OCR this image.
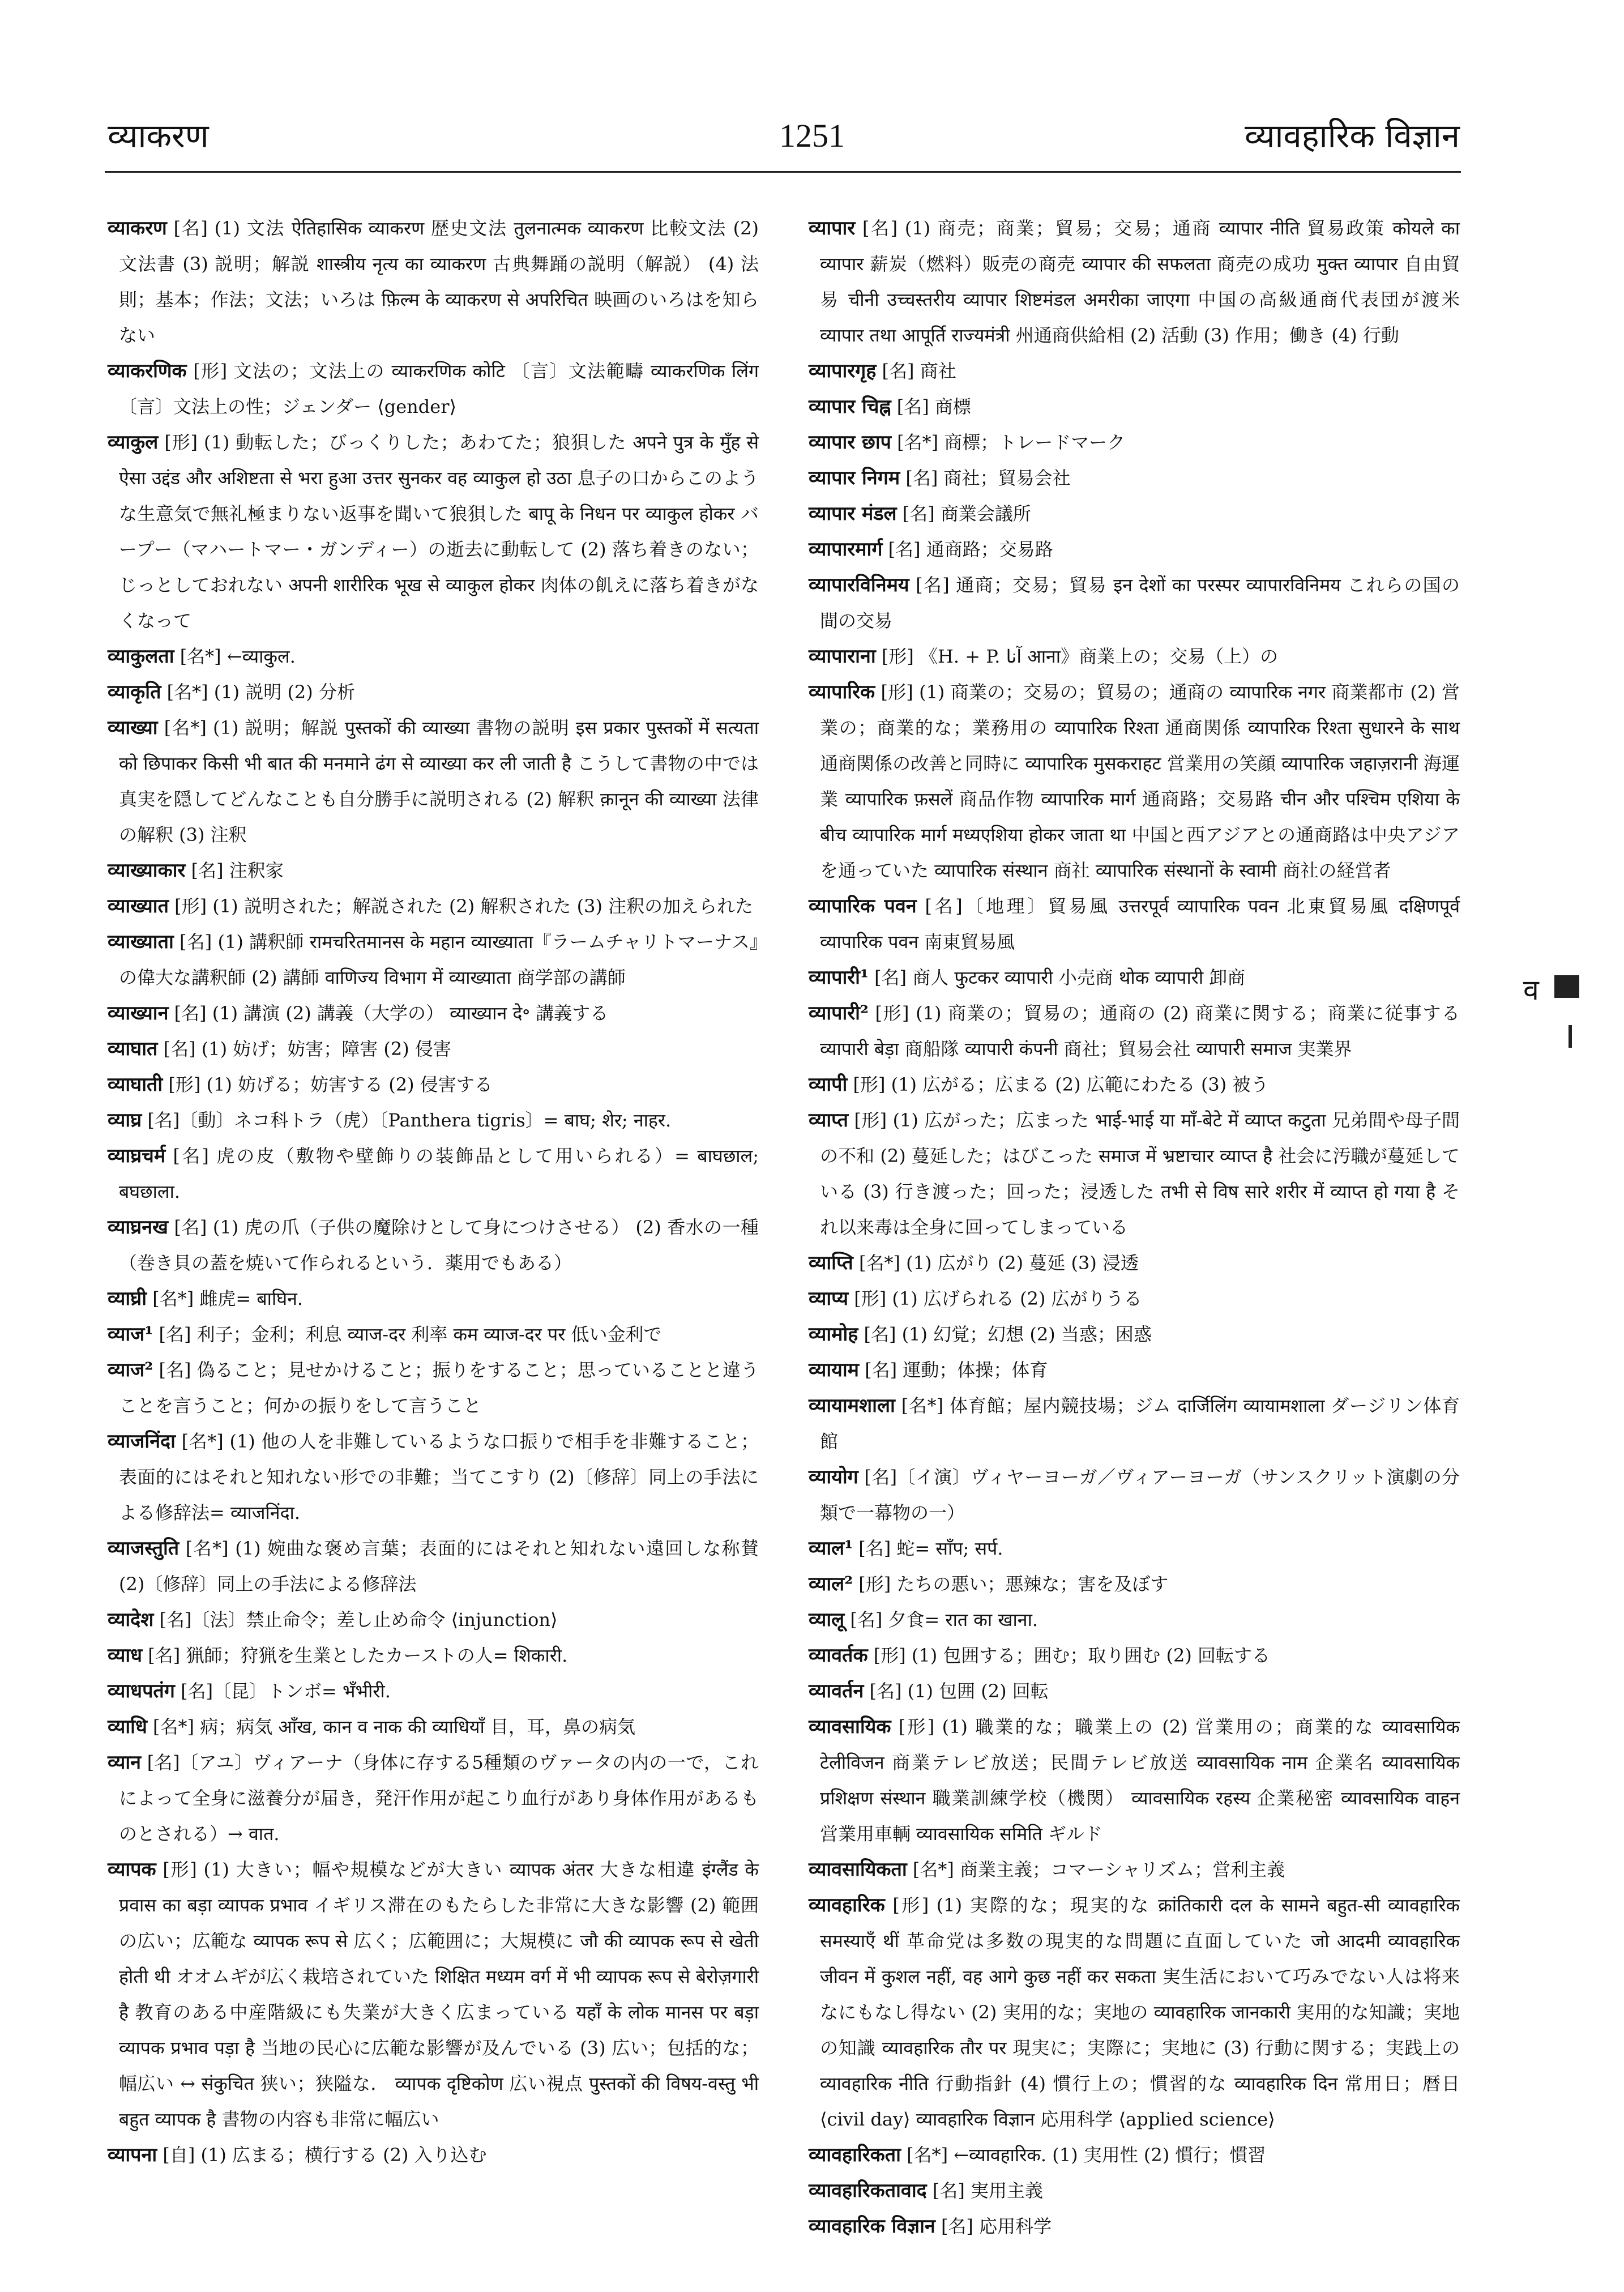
व्याकरण	1251	व्यावहारिक विज्ञान

व्याकरण [名] (1) 文法 ऐतिहासिक व्याकरण 歴史文法 तुलनात्मक व्याकरण 比較文法 (2) 文法書 (3) 説明；解説 शास्त्रीय नृत्य का व्याकरण 古典舞踊の説明（解説） (4) 法則；基本；作法；文法；いろは फ़िल्म के व्याकरण से अपरिचित 映画のいろはを知らない

व्याकरणिक [形] 文法の；文法上の व्याकरणिक कोटि 〔言〕文法範疇 व्याकरणिक लिंग 〔言〕文法上の性；ジェンダー ⟨gender⟩

व्याकुल [形] (1) 動転した；びっくりした；あわてた；狼狽した अपने पुत्र के मुँह से ऐसा उद्दंड और अशिष्टता से भरा हुआ उत्तर सुनकर वह व्याकुल हो उठा 息子の口からこのような生意気で無礼極まりない返事を聞いて狼狽した बापू के निधन पर व्याकुल होकर バープー（マハートマー・ガンディー）の逝去に動転して (2) 落ち着きのない；じっとしておれない अपनी शारीरिक भूख से व्याकुल होकर 肉体の飢えに落ち着きがなくなって

व्याकुलता [名*] ←व्याकुल.

व्याकृति [名*] (1) 説明 (2) 分析

व्याख्या [名*] (1) 説明；解説 पुस्तकों की व्याख्या 書物の説明 इस प्रकार पुस्तकों में सत्यता को छिपाकर किसी भी बात की मनमाने ढंग से व्याख्या कर ली जाती है こうして書物の中では真実を隠してどんなことも自分勝手に説明される (2) 解釈 क़ानून की व्याख्या 法律の解釈 (3) 注釈

व्याख्याकार [名] 注釈家

व्याख्यात [形] (1) 説明された；解説された (2) 解釈された (3) 注釈の加えられた

व्याख्याता [名] (1) 講釈師 रामचरितमानस के महान व्याख्याता『ラームチャリトマーナス』の偉大な講釈師 (2) 講師 वाणिज्य विभाग में व्याख्याता 商学部の講師

व्याख्यान [名] (1) 講演 (2) 講義（大学の） व्याख्यान दे॰ 講義する

व्याघात [名] (1) 妨げ；妨害；障害 (2) 侵害

व्याघाती [形] (1) 妨げる；妨害する (2) 侵害する

व्याघ्र [名]〔動〕ネコ科トラ（虎）〔Panthera tigris〕= बाघ; शेर; नाहर.

व्याघ्रचर्म [名] 虎の皮（敷物や壁飾りの装飾品として用いられる）= बाघछाल; बघछाला.

व्याघ्रनख [名] (1) 虎の爪（子供の魔除けとして身につけさせる） (2) 香水の一種（巻き貝の蓋を焼いて作られるという．薬用でもある）

व्याघ्री [名*] 雌虎= बाघिन.

व्याज¹ [名] 利子；金利；利息 व्याज-दर 利率 कम व्याज-दर पर 低い金利で

व्याज² [名] 偽ること；見せかけること；振りをすること；思っていることと違うことを言うこと；何かの振りをして言うこと

व्याजनिंदा [名*] (1) 他の人を非難しているような口振りで相手を非難すること；表面的にはそれと知れない形での非難；当てこすり (2)〔修辞〕同上の手法による修辞法= व्याजनिंदा.

व्याजस्तुति [名*] (1) 婉曲な褒め言葉；表面的にはそれと知れない遠回しな称賛 (2)〔修辞〕同上の手法による修辞法

व्यादेश [名]〔法〕禁止命令；差し止め命令 ⟨injunction⟩

व्याध [名] 猟師；狩猟を生業としたカーストの人= शिकारी.

व्याधपतंग [名]〔昆〕トンボ= भँभीरी.

व्याधि [名*] 病；病気 आँख, कान व नाक की व्याधियाँ 目，耳，鼻の病気

व्यान [名]〔アユ〕ヴィアーナ（身体に存する5種類のヴァータの内の一で，これによって全身に滋養分が届き，発汗作用が起こり血行があり身体作用があるものとされる）→ वात.

व्यापक [形] (1) 大きい；幅や規模などが大きい व्यापक अंतर 大きな相違 इंग्लैंड के प्रवास का बड़ा व्यापक प्रभाव イギリス滞在のもたらした非常に大きな影響 (2) 範囲の広い；広範な व्यापक रूप से 広く；広範囲に；大規模に जौ की व्यापक रूप से खेती होती थी オオムギが広く栽培されていた शिक्षित मध्यम वर्ग में भी व्यापक रूप से बेरोज़गारी है 教育のある中産階級にも失業が大きく広まっている यहाँ के लोक मानस पर बड़ा व्यापक प्रभाव पड़ा है 当地の民心に広範な影響が及んでいる (3) 広い；包括的な；幅広い ↔ संकुचित 狭い；狭隘な． व्यापक दृष्टिकोण 広い視点 पुस्तकों की विषय-वस्तु भी बहुत व्यापक है 書物の内容も非常に幅広い

व्यापना [自] (1) 広まる；横行する (2) 入り込む

व्यापार [名] (1) 商売；商業；貿易；交易；通商 व्यापार नीति 貿易政策 कोयले का व्यापार 薪炭（燃料）販売の商売 व्यापार की सफलता 商売の成功 मुक्त व्यापार 自由貿易 चीनी उच्चस्तरीय व्यापार शिष्टमंडल अमरीका जाएगा 中国の高級通商代表団が渡米 व्यापार तथा आपूर्ति राज्यमंत्री 州通商供給相 (2) 活動 (3) 作用；働き (4) 行動

व्यापारगृह [名] 商社

व्यापार चिह्न [名] 商標

व्यापार छाप [名*] 商標；トレードマーク

व्यापार निगम [名] 商社；貿易会社

व्यापार मंडल [名] 商業会議所

व्यापारमार्ग [名] 通商路；交易路

व्यापारविनिमय [名] 通商；交易；貿易 इन देशों का परस्पर व्यापारविनिमय これらの国の間の交易

व्यापाराना [形] 《H. + P. آنا आना》商業上の；交易（上）の

व्यापारिक [形] (1) 商業の；交易の；貿易の；通商の व्यापारिक नगर 商業都市 (2) 営業の；商業的な；業務用の व्यापारिक रिश्ता 通商関係 व्यापारिक रिश्ता सुधारने के साथ 通商関係の改善と同時に व्यापारिक मुसकराहट 営業用の笑顔 व्यापारिक जहाज़रानी 海運業 व्यापारिक फ़सलें 商品作物 व्यापारिक मार्ग 通商路；交易路 चीन और पश्चिम एशिया के बीच व्यापारिक मार्ग मध्यएशिया होकर जाता था 中国と西アジアとの通商路は中央アジアを通っていた व्यापारिक संस्थान 商社 व्यापारिक संस्थानों के स्वामी 商社の経営者

व्यापारिक पवन [名]〔地理〕貿易風 उत्तरपूर्व व्यापारिक पवन 北東貿易風 दक्षिणपूर्व व्यापारिक पवन 南東貿易風

व्यापारी¹ [名] 商人 फुटकर व्यापारी 小売商 थोक व्यापारी 卸商

व्यापारी² [形] (1) 商業の；貿易の；通商の (2) 商業に関する；商業に従事する व्यापारी बेड़ा 商船隊 व्यापारी कंपनी 商社；貿易会社 व्यापारी समाज 実業界

व्यापी [形] (1) 広がる；広まる (2) 広範にわたる (3) 被う

व्याप्त [形] (1) 広がった；広まった भाई-भाई या माँ-बेटे में व्याप्त कटुता 兄弟間や母子間の不和 (2) 蔓延した；はびこった समाज में भ्रष्टाचार व्याप्त है 社会に汚職が蔓延している (3) 行き渡った；回った；浸透した तभी से विष सारे शरीर में व्याप्त हो गया है それ以来毒は全身に回ってしまっている

व्याप्ति [名*] (1) 広がり (2) 蔓延 (3) 浸透

व्याप्य [形] (1) 広げられる (2) 広がりうる

व्यामोह [名] (1) 幻覚；幻想 (2) 当惑；困惑

व्यायाम [名] 運動；体操；体育

व्यायामशाला [名*] 体育館；屋内競技場；ジム दार्जिलिंग व्यायामशाला ダージリン体育館

व्यायोग [名]〔イ演〕ヴィヤーヨーガ／ヴィアーヨーガ（サンスクリット演劇の分類で一幕物の一）

व्याल¹ [名] 蛇= साँप; सर्प.

व्याल² [形] たちの悪い；悪辣な；害を及ぼす

व्यालू [名] 夕食= रात का खाना.

व्यावर्तक [形] (1) 包囲する；囲む；取り囲む (2) 回転する

व्यावर्तन [名] (1) 包囲 (2) 回転

व्यावसायिक [形] (1) 職業的な；職業上の (2) 営業用の；商業的な व्यावसायिक टेलीविजन 商業テレビ放送；民間テレビ放送 व्यावसायिक नाम 企業名 व्यावसायिक प्रशिक्षण संस्थान 職業訓練学校（機関） व्यावसायिक रहस्य 企業秘密 व्यावसायिक वाहन 営業用車輌 व्यावसायिक समिति ギルド

व्यावसायिकता [名*] 商業主義；コマーシャリズム；営利主義

व्यावहारिक [形] (1) 実際的な；現実的な क्रांतिकारी दल के सामने बहुत-सी व्यावहारिक समस्याएँ थीं 革命党は多数の現実的な問題に直面していた जो आदमी व्यावहारिक जीवन में कुशल नहीं, वह आगे कुछ नहीं कर सकता 実生活において巧みでない人は将来なにもなし得ない (2) 実用的な；実地の व्यावहारिक जानकारी 実用的な知識；実地の知識 व्यावहारिक तौर पर 現実に；実際に；実地に (3) 行動に関する；実践上の व्यावहारिक नीति 行動指針 (4) 慣行上の；慣習的な व्यावहारिक दिन 常用日；暦日 ⟨civil day⟩ व्यावहारिक विज्ञान 応用科学 ⟨applied science⟩

व्यावहारिकता [名*] ←व्यावहारिक. (1) 実用性 (2) 慣行；慣習

व्यावहारिकतावाद [名] 実用主義

व्यावहारिक विज्ञान [名] 応用科学

व
